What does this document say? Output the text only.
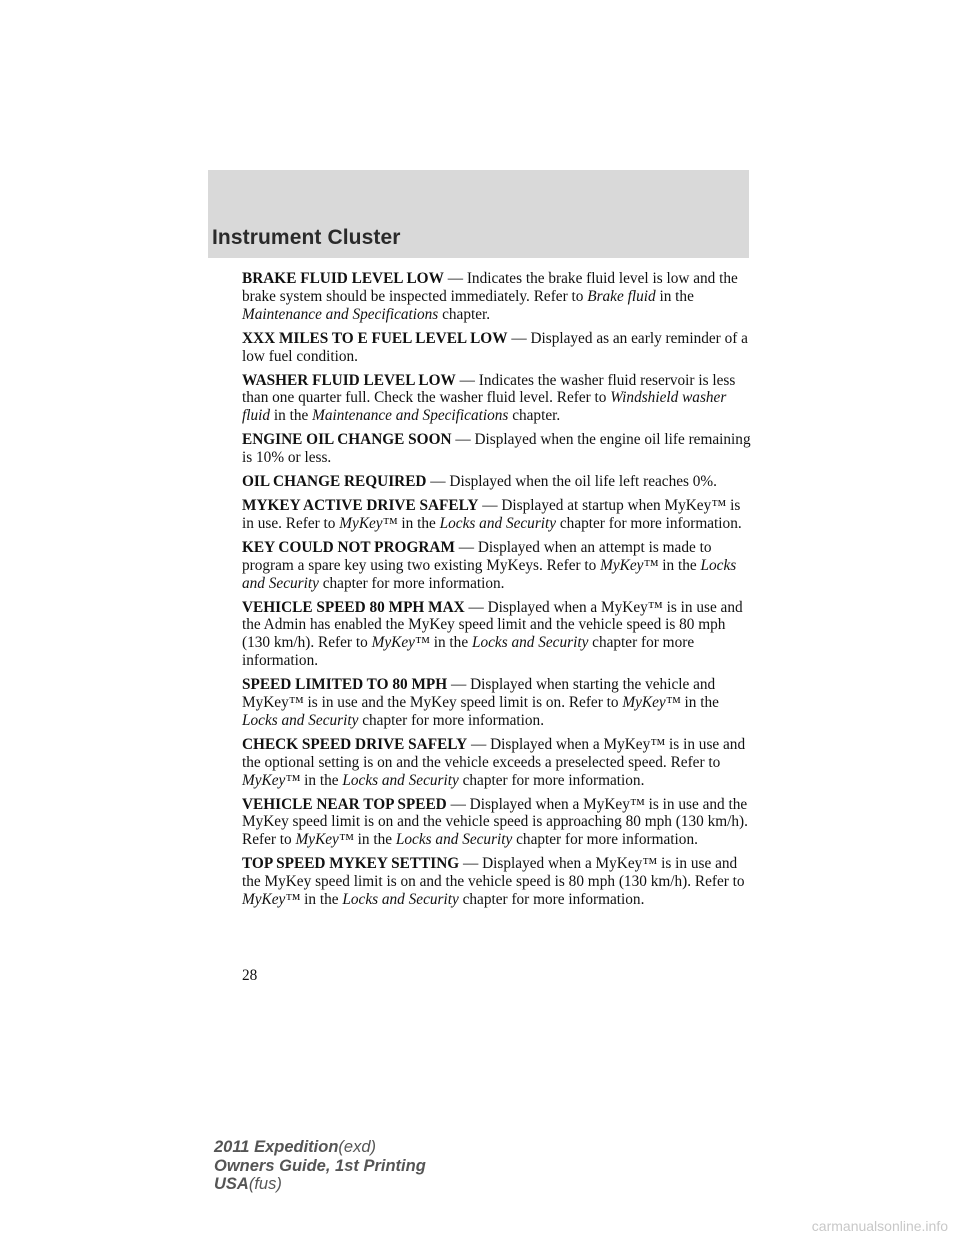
Instrument Cluster

BRAKE FLUID LEVEL LOW — Indicates the brake fluid level is low and the brake system should be inspected immediately. Refer to Brake fluid in the Maintenance and Specifications chapter.

XXX MILES TO E FUEL LEVEL LOW — Displayed as an early reminder of a low fuel condition.

WASHER FLUID LEVEL LOW — Indicates the washer fluid reservoir is less than one quarter full. Check the washer fluid level. Refer to Windshield washer fluid in the Maintenance and Specifications chapter.

ENGINE OIL CHANGE SOON — Displayed when the engine oil life remaining is 10% or less.

OIL CHANGE REQUIRED — Displayed when the oil life left reaches 0%.

MYKEY ACTIVE DRIVE SAFELY — Displayed at startup when MyKey™ is in use. Refer to MyKey™ in the Locks and Security chapter for more information.

KEY COULD NOT PROGRAM — Displayed when an attempt is made to program a spare key using two existing MyKeys. Refer to MyKey™ in the Locks and Security chapter for more information.

VEHICLE SPEED 80 MPH MAX — Displayed when a MyKey™ is in use and the Admin has enabled the MyKey speed limit and the vehicle speed is 80 mph (130 km/h). Refer to MyKey™ in the Locks and Security chapter for more information.

SPEED LIMITED TO 80 MPH — Displayed when starting the vehicle and MyKey™ is in use and the MyKey speed limit is on. Refer to MyKey™ in the Locks and Security chapter for more information.

CHECK SPEED DRIVE SAFELY — Displayed when a MyKey™ is in use and the optional setting is on and the vehicle exceeds a preselected speed. Refer to MyKey™ in the Locks and Security chapter for more information.

VEHICLE NEAR TOP SPEED — Displayed when a MyKey™ is in use and the MyKey speed limit is on and the vehicle speed is approaching 80 mph (130 km/h). Refer to MyKey™ in the Locks and Security chapter for more information.

TOP SPEED MYKEY SETTING — Displayed when a MyKey™ is in use and the MyKey speed limit is on and the vehicle speed is 80 mph (130 km/h). Refer to MyKey™ in the Locks and Security chapter for more information.

28
2011 Expedition(exd)
Owners Guide, 1st Printing
USA(fus)
carmanualsonline.info
